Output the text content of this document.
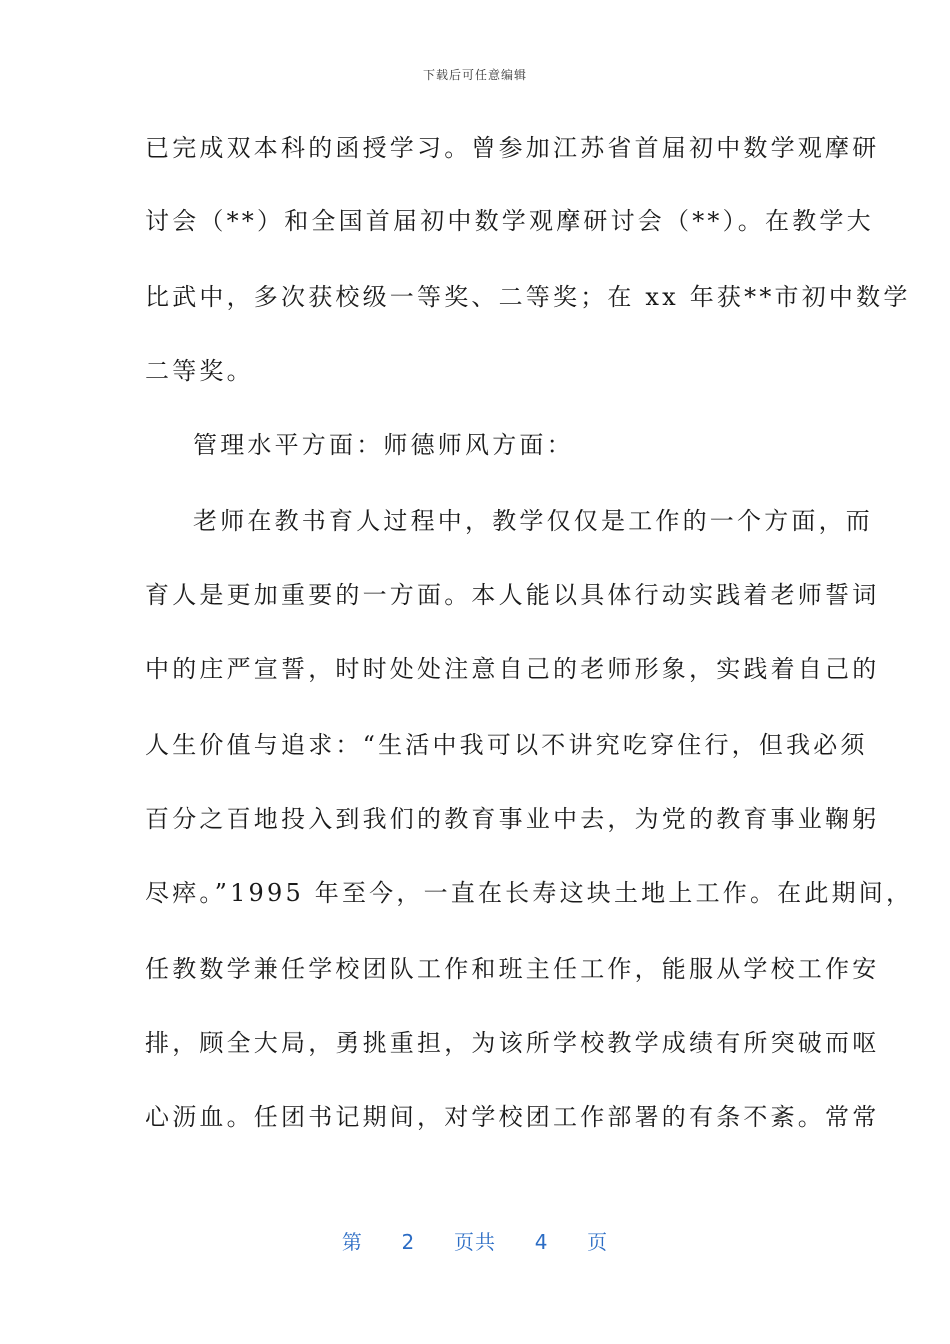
下载后可任意编辑
已完成双本科的函授学习。曾参加江苏省首届初中数学观摩研
讨会（**）和全国首届初中数学观摩研讨会（**）。在教学大
比武中，多次获校级一等奖、二等奖；在 xx 年获**市初中数学
二等奖。
管理水平方面：师德师风方面：
老师在教书育人过程中，教学仅仅是工作的一个方面，而
育人是更加重要的一方面。本人能以具体行动实践着老师誓词
中的庄严宣誓，时时处处注意自己的老师形象，实践着自己的
人生价值与追求：“生活中我可以不讲究吃穿住行，但我必须
百分之百地投入到我们的教育事业中去，为党的教育事业鞠躬
尽瘁。”1995 年至今，一直在长寿这块土地上工作。在此期间，
任教数学兼任学校团队工作和班主任工作，能服从学校工作安
排，顾全大局，勇挑重担，为该所学校教学成绩有所突破而呕
心沥血。任团书记期间，对学校团工作部署的有条不紊。常常
第 2 页共 4 页
